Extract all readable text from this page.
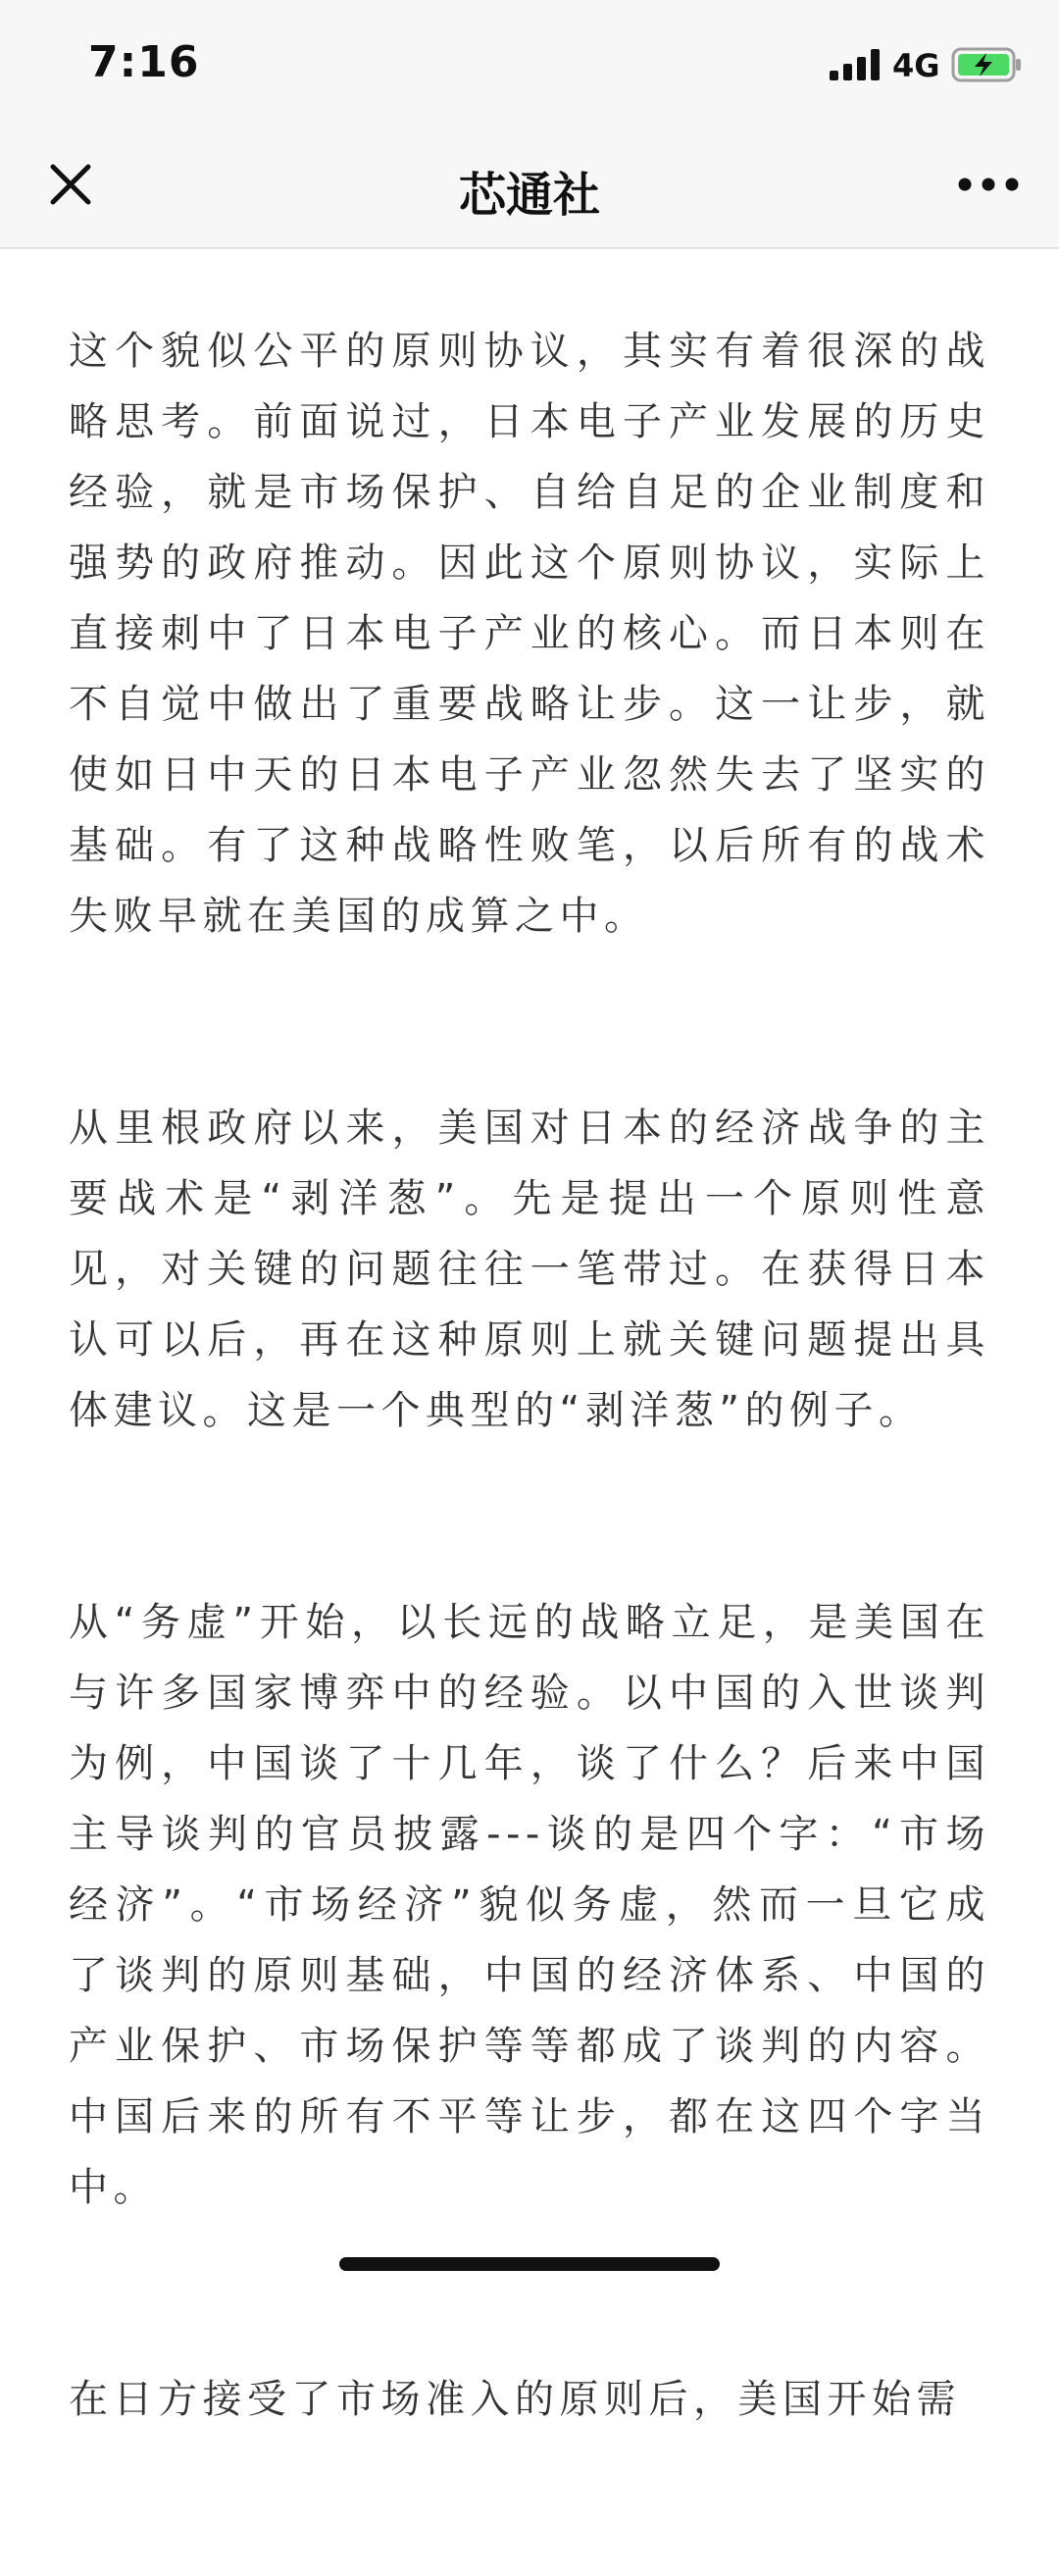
7:16	4G
芯通社

这个貌似公平的原则协议，其实有着很深的战略思考。前面说过，日本电子产业发展的历史经验，就是市场保护、自给自足的企业制度和强势的政府推动。因此这个原则协议，实际上直接刺中了日本电子产业的核心。而日本则在不自觉中做出了重要战略让步。这一让步，就使如日中天的日本电子产业忽然失去了坚实的基础。有了这种战略性败笔，以后所有的战术失败早就在美国的成算之中。

从里根政府以来，美国对日本的经济战争的主要战术是“剥洋葱”。先是提出一个原则性意见，对关键的问题往往一笔带过。在获得日本认可以后，再在这种原则上就关键问题提出具体建议。这是一个典型的“剥洋葱”的例子。

从“务虚”开始，以长远的战略立足，是美国在与许多国家博弈中的经验。以中国的入世谈判为例，中国谈了十几年，谈了什么？后来中国主导谈判的官员披露---谈的是四个字：“市场经济”。“市场经济”貌似务虚，然而一旦它成了谈判的原则基础，中国的经济体系、中国的产业保护、市场保护等等都成了谈判的内容。中国后来的所有不平等让步，都在这四个字当中。

在日方接受了市场准入的原则后，美国开始需
